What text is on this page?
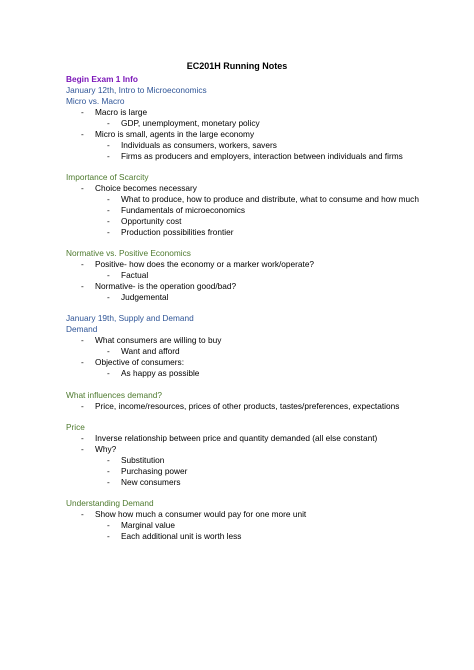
EC201H Running Notes
Begin Exam 1 Info
January 12th, Intro to Microeconomics
Micro vs. Macro
- Macro is large
- GDP, unemployment, monetary policy
- Micro is small, agents in the large economy
- Individuals as consumers, workers, savers
- Firms as producers and employers, interaction between individuals and firms
Importance of Scarcity
- Choice becomes necessary
- What to produce, how to produce and distribute, what to consume and how much
- Fundamentals of microeconomics
- Opportunity cost
- Production possibilities frontier
Normative vs. Positive Economics
- Positive- how does the economy or a marker work/operate?
- Factual
- Normative- is the operation good/bad?
- Judgemental
January 19th, Supply and Demand
Demand
- What consumers are willing to buy
- Want and afford
- Objective of consumers:
- As happy as possible
What influences demand?
- Price, income/resources, prices of other products, tastes/preferences, expectations
Price
- Inverse relationship between price and quantity demanded (all else constant)
- Why?
- Substitution
- Purchasing power
- New consumers
Understanding Demand
- Show how much a consumer would pay for one more unit
- Marginal value
- Each additional unit is worth less
